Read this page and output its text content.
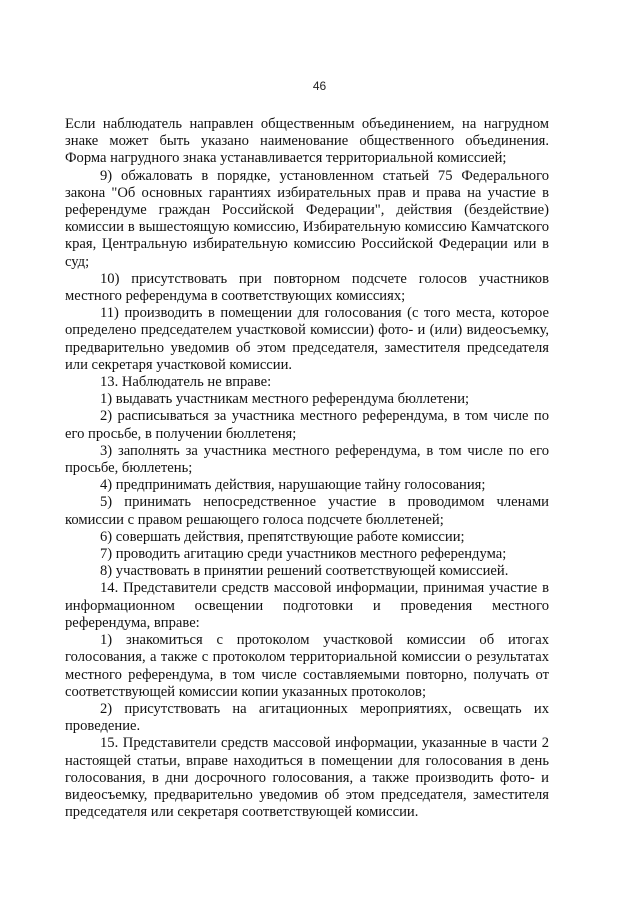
46

Если наблюдатель направлен общественным объединением, на нагрудном знаке может быть указано наименование общественного объединения. Форма нагрудного знака устанавливается территориальной комиссией;

9) обжаловать в порядке, установленном статьей 75 Федерального закона "Об основных гарантиях избирательных прав и права на участие в референдуме граждан Российской Федерации", действия (бездействие) комиссии в вышестоящую комиссию, Избирательную комиссию Камчатского края, Центральную избирательную комиссию Российской Федерации или в суд;

10) присутствовать при повторном подсчете голосов участников местного референдума в соответствующих комиссиях;

11) производить в помещении для голосования (с того места, которое определено председателем участковой комиссии) фото- и (или) видеосъемку, предварительно уведомив об этом председателя, заместителя председателя или секретаря участковой комиссии.

13. Наблюдатель не вправе:

1) выдавать участникам местного референдума бюллетени;

2) расписываться за участника местного референдума, в том числе по его просьбе, в получении бюллетеня;

3) заполнять за участника местного референдума, в том числе по его просьбе, бюллетень;

4) предпринимать действия, нарушающие тайну голосования;

5) принимать непосредственное участие в проводимом членами комиссии с правом решающего голоса подсчете бюллетеней;

6) совершать действия, препятствующие работе комиссии;

7) проводить агитацию среди участников местного референдума;

8) участвовать в принятии решений соответствующей комиссией.

14. Представители средств массовой информации, принимая участие в информационном освещении подготовки и проведения местного референдума, вправе:

1) знакомиться с протоколом участковой комиссии об итогах голосования, а также с протоколом территориальной комиссии о результатах местного референдума, в том числе составляемыми повторно, получать от соответствующей комиссии копии указанных протоколов;

2) присутствовать на агитационных мероприятиях, освещать их проведение.

15. Представители средств массовой информации, указанные в части 2 настоящей статьи, вправе находиться в помещении для голосования в день голосования, в дни досрочного голосования, а также производить фото- и видеосъемку, предварительно уведомив об этом председателя, заместителя председателя или секретаря соответствующей комиссии.
